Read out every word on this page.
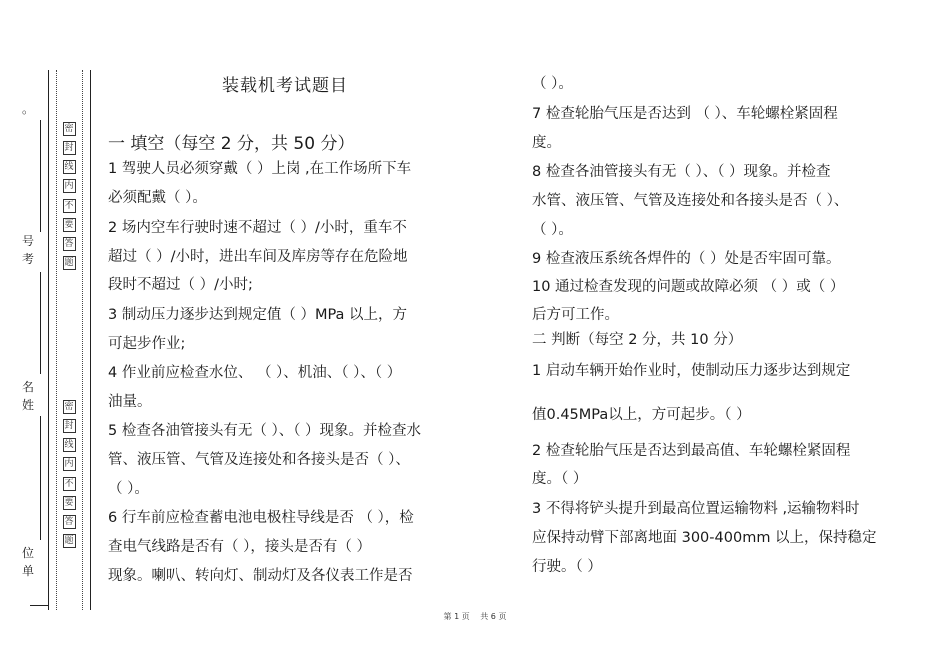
。
密
封
线
内
不
要
答
题
密
封
线
内
不
要
答
题
号考
名姓
位单
装载机考试题目
一 填空（每空 2 分，共 50 分）
1 驾驶人员必须穿戴（ ）上岗 ,在工作场所下车
必须配戴（ ）。
2 场内空车行驶时速不超过（ ）/小时，重车不
超过（ ）/小时，进出车间及库房等存在危险地
段时不超过（ ）/小时;
3 制动压力逐步达到规定值（ ）MPa 以上，方
可起步作业;
4 作业前应检查水位、 （ ）、机油、（ ）、（ ）
油量。
5 检查各油管接头有无（ ）、（ ）现象。并检查水
管、液压管、气管及连接处和各接头是否（ ）、
（ ）。
6 行车前应检查蓄电池电极柱导线是否 （ ），检
查电气线路是否有（ ），接头是否有（ ）
现象。喇叭、转向灯、制动灯及各仪表工作是否
（ ）。
7 检查轮胎气压是否达到 （ ）、车轮螺栓紧固程
度。
8 检查各油管接头有无（ ）、（ ）现象。并检查
水管、液压管、气管及连接处和各接头是否（ ）、
（ ）。
9 检查液压系统各焊件的（ ）处是否牢固可靠。
10 通过检查发现的问题或故障必须 （ ）或（ ）
后方可工作。
二 判断（每空 2 分，共 10 分）
1 启动车辆开始作业时，使制动压力逐步达到规定
值0.45MPa以上，方可起步。（ ）
2 检查轮胎气压是否达到最高值、车轮螺栓紧固程
度。（ ）
3 不得将铲头提升到最高位置运输物料 ,运输物料时
应保持动臂下部离地面 300-400mm 以上，保持稳定
行驶。（ ）
第 1 页　 共 6 页
